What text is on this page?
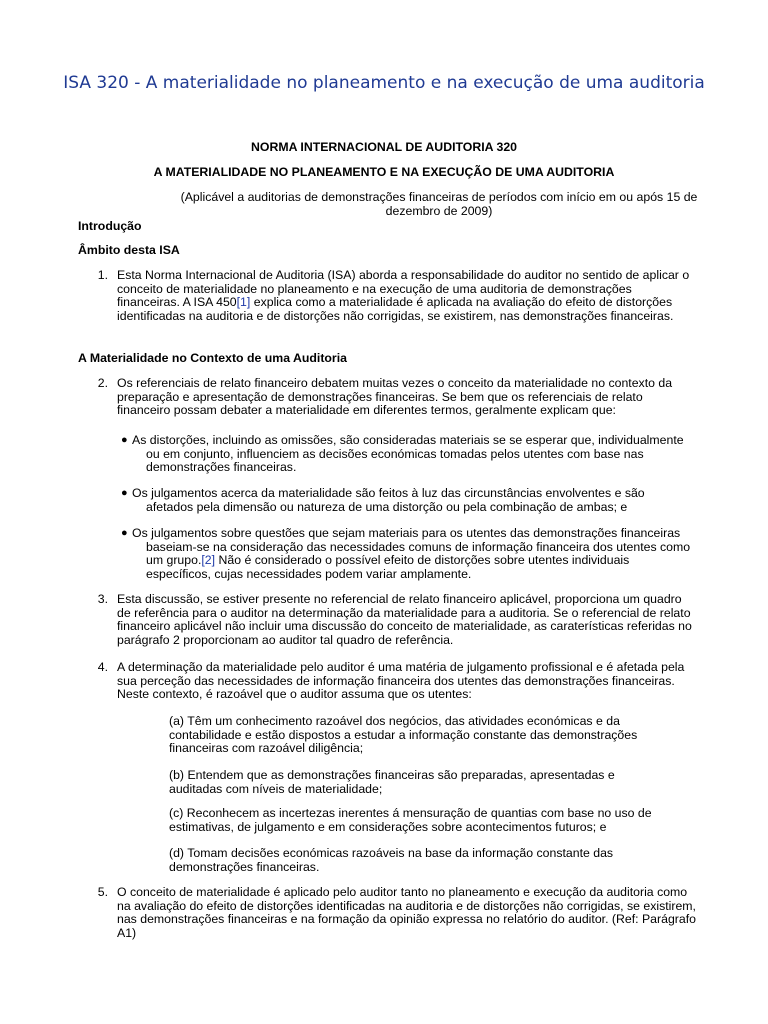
ISA 320 - A materialidade no planeamento e na execução de uma auditoria
NORMA INTERNACIONAL DE AUDITORIA 320
A MATERIALIDADE NO PLANEAMENTO E NA EXECUÇÃO DE UMA AUDITORIA
(Aplicável a auditorias de demonstrações financeiras de períodos com início em ou após 15 de dezembro de 2009)
Introdução
Âmbito desta ISA
1. Esta Norma Internacional de Auditoria (ISA) aborda a responsabilidade do auditor no sentido de aplicar o conceito de materialidade no planeamento e na execução de uma auditoria de demonstrações financeiras. A ISA 450[1] explica como a materialidade é aplicada na avaliação do efeito de distorções identificadas na auditoria e de distorções não corrigidas, se existirem, nas demonstrações financeiras.
A Materialidade no Contexto de uma Auditoria
2. Os referenciais de relato financeiro debatem muitas vezes o conceito da materialidade no contexto da preparação e apresentação de demonstrações financeiras. Se bem que os referenciais de relato financeiro possam debater a materialidade em diferentes termos, geralmente explicam que:
● As distorções, incluindo as omissões, são consideradas materiais se se esperar que, individualmente ou em conjunto, influenciem as decisões económicas tomadas pelos utentes com base nas demonstrações financeiras.
● Os julgamentos acerca da materialidade são feitos à luz das circunstâncias envolventes e são afetados pela dimensão ou natureza de uma distorção ou pela combinação de ambas; e
● Os julgamentos sobre questões que sejam materiais para os utentes das demonstrações financeiras baseiam-se na consideração das necessidades comuns de informação financeira dos utentes como um grupo.[2] Não é considerado o possível efeito de distorções sobre utentes individuais específicos, cujas necessidades podem variar amplamente.
3. Esta discussão, se estiver presente no referencial de relato financeiro aplicável, proporciona um quadro de referência para o auditor na determinação da materialidade para a auditoria. Se o referencial de relato financeiro aplicável não incluir uma discussão do conceito de materialidade, as caraterísticas referidas no parágrafo 2 proporcionam ao auditor tal quadro de referência.
4. A determinação da materialidade pelo auditor é uma matéria de julgamento profissional e é afetada pela sua perceção das necessidades de informação financeira dos utentes das demonstrações financeiras. Neste contexto, é razoável que o auditor assuma que os utentes:
(a) Têm um conhecimento razoável dos negócios, das atividades económicas e da contabilidade e estão dispostos a estudar a informação constante das demonstrações financeiras com razoável diligência;
(b) Entendem que as demonstrações financeiras são preparadas, apresentadas e auditadas com níveis de materialidade;
(c) Reconhecem as incertezas inerentes á mensuração de quantias com base no uso de estimativas, de julgamento e em considerações sobre acontecimentos futuros; e
(d) Tomam decisões económicas razoáveis na base da informação constante das demonstrações financeiras.
5. O conceito de materialidade é aplicado pelo auditor tanto no planeamento e execução da auditoria como na avaliação do efeito de distorções identificadas na auditoria e de distorções não corrigidas, se existirem, nas demonstrações financeiras e na formação da opinião expressa no relatório do auditor. (Ref: Parágrafo A1)
